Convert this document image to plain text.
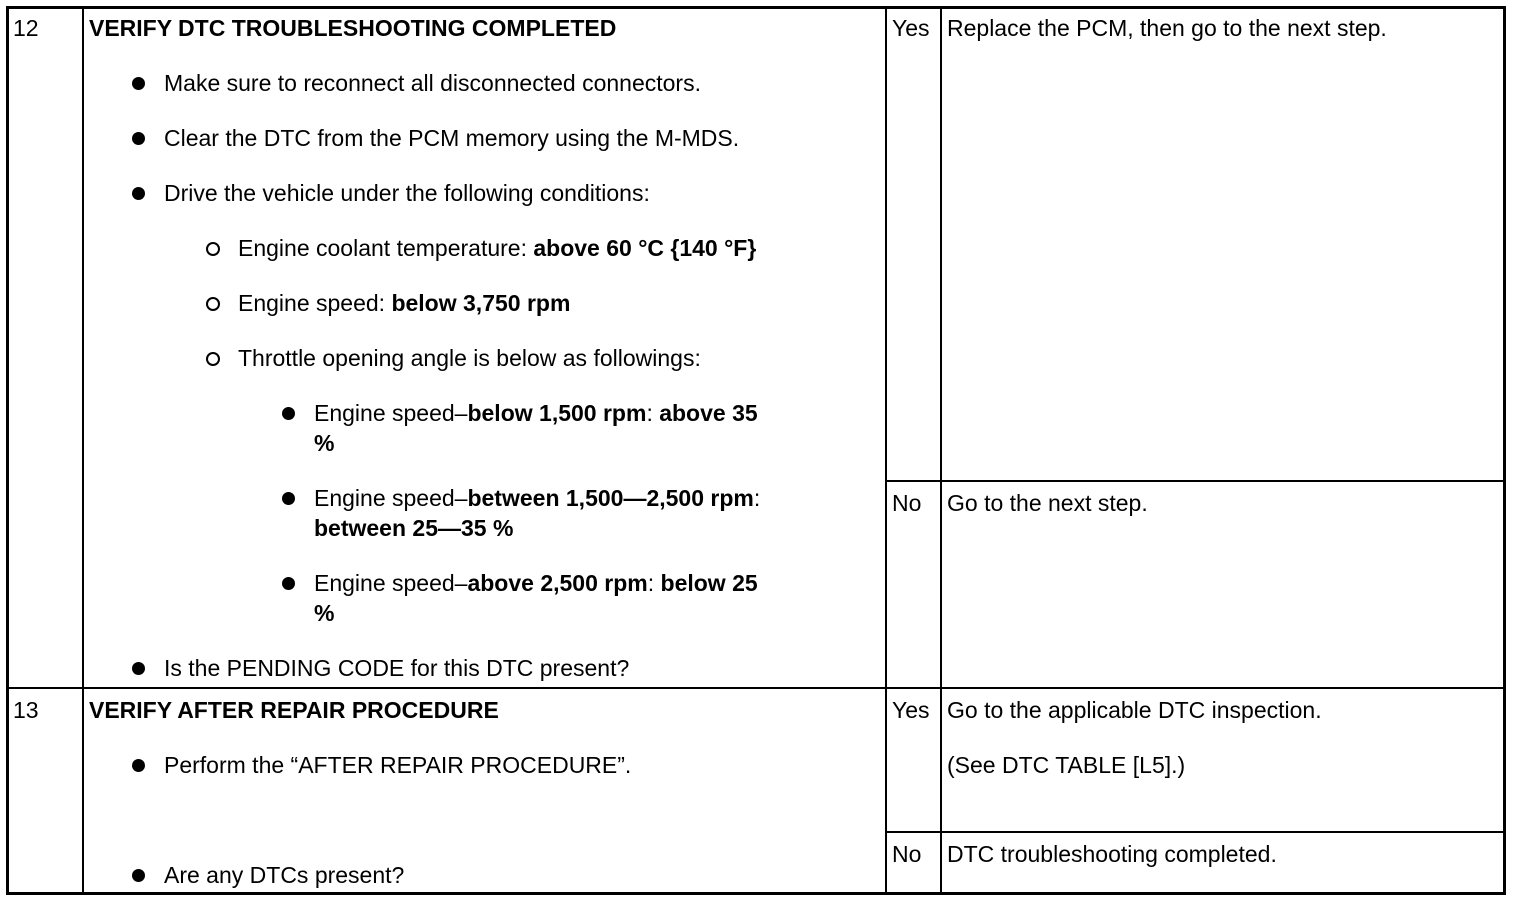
12 VERIFY DTC TROUBLESHOOTING COMPLETED
Make sure to reconnect all disconnected connectors.
Clear the DTC from the PCM memory using the M-MDS.
Drive the vehicle under the following conditions:
Engine coolant temperature: above 60 °C {140 °F}
Engine speed: below 3,750 rpm
Throttle opening angle is below as followings:
Engine speed–below 1,500 rpm: above 35
%
Engine speed–between 1,500—2,500 rpm:
between 25—35 %
Engine speed–above 2,500 rpm: below 25
%
Is the PENDING CODE for this DTC present?
Yes Replace the PCM, then go to the next step.
No Go to the next step.
13 VERIFY AFTER REPAIR PROCEDURE
Perform the “AFTER REPAIR PROCEDURE”.
Are any DTCs present?
Yes Go to the applicable DTC inspection.
(See DTC TABLE [L5].)
No DTC troubleshooting completed.
